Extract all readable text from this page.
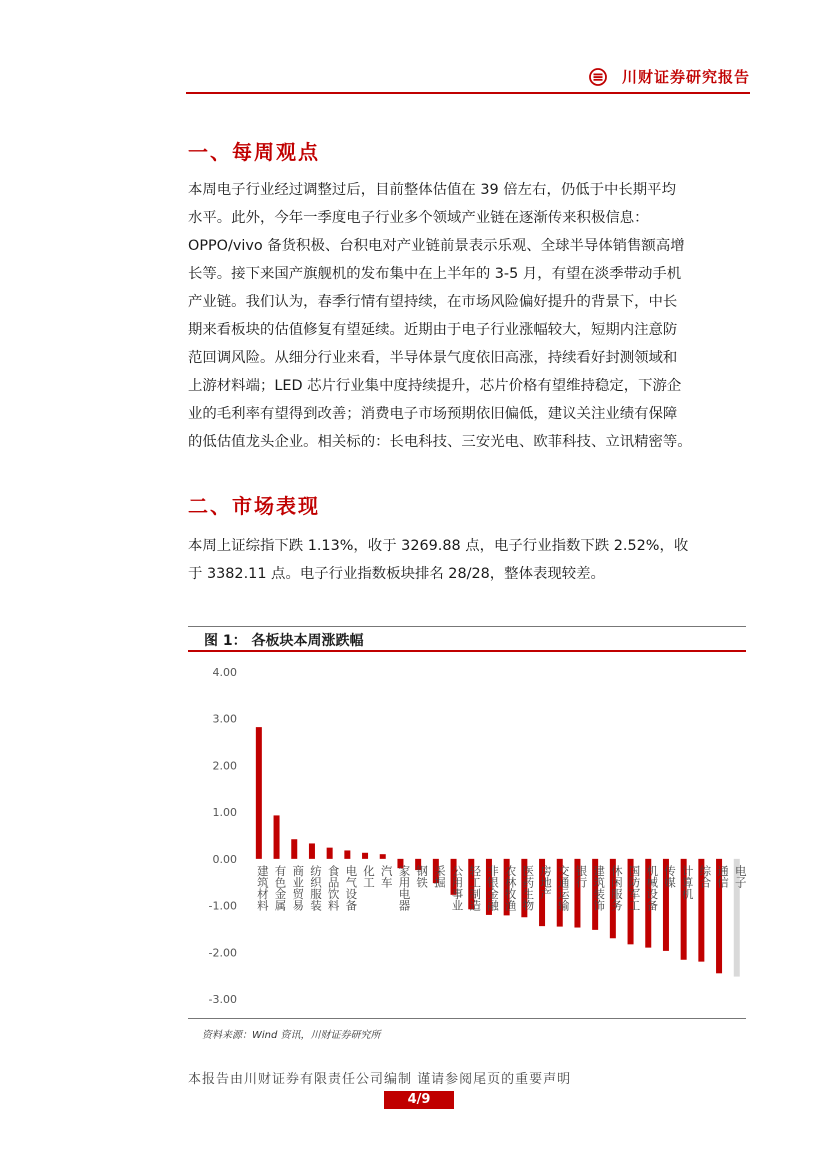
川财证券研究报告
一、每周观点
本周电子行业经过调整过后，目前整体估值在 39 倍左右，仍低于中长期平均
水平。此外，今年一季度电子行业多个领域产业链在逐渐传来积极信息：
OPPO/vivo 备货积极、台积电对产业链前景表示乐观、全球半导体销售额高增
长等。接下来国产旗舰机的发布集中在上半年的 3-5 月，有望在淡季带动手机
产业链。我们认为，春季行情有望持续，在市场风险偏好提升的背景下，中长
期来看板块的估值修复有望延续。近期由于电子行业涨幅较大，短期内注意防
范回调风险。从细分行业来看，半导体景气度依旧高涨，持续看好封测领域和
上游材料端；LED 芯片行业集中度持续提升，芯片价格有望维持稳定，下游企
业的毛利率有望得到改善；消费电子市场预期依旧偏低，建议关注业绩有保障
的低估值龙头企业。相关标的：长电科技、三安光电、欧菲科技、立讯精密等。
二、市场表现
本周上证综指下跌 1.13%，收于 3269.88 点，电子行业指数下跌 2.52%，收
于 3382.11 点。电子行业指数板块排名 28/28，整体表现较差。
图 1： 各板块本周涨跌幅
4.00
3.00
2.00
1.00
0.00
-1.00
-2.00
-3.00
建筑材料 有色金属 商业贸易 纺织服装 食品饮料 电气设备 化工 汽车 家用电器 钢铁 采掘 公用事业 轻工制造 非银金融 农林牧渔 医药生物 房地产 交通运输 银行 建筑装饰 休闲服务 国防军工 机械设备 传媒 计算机 综合 通信 电子
资料来源：Wind 资讯，川财证券研究所
本报告由川财证券有限责任公司编制 谨请参阅尾页的重要声明
4/9
